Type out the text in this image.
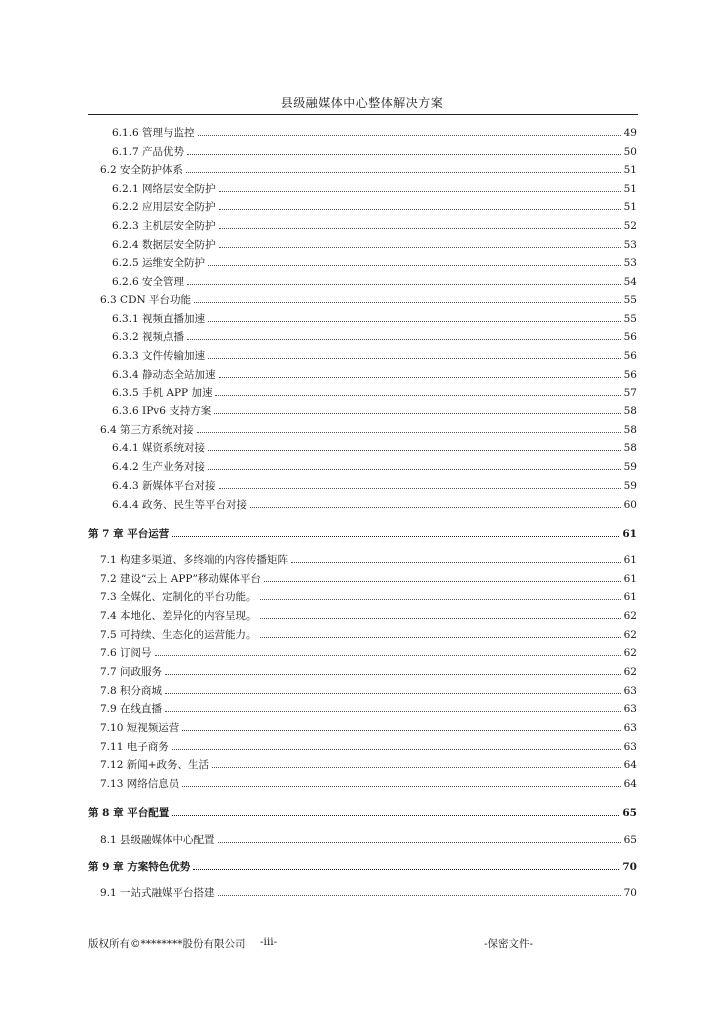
县级融媒体中心整体解决方案
6.1.6 管理与监控	49
6.1.7 产品优势	50
6.2 安全防护体系	51
6.2.1 网络层安全防护	51
6.2.2 应用层安全防护	51
6.2.3 主机层安全防护	52
6.2.4 数据层安全防护	53
6.2.5 运维安全防护	53
6.2.6 安全管理	54
6.3 CDN 平台功能	55
6.3.1 视频直播加速	55
6.3.2 视频点播	56
6.3.3 文件传输加速	56
6.3.4 静动态全站加速	56
6.3.5 手机 APP 加速	57
6.3.6 IPv6 支持方案	58
6.4 第三方系统对接	58
6.4.1 媒资系统对接	58
6.4.2 生产业务对接	59
6.4.3 新媒体平台对接	59
6.4.4 政务、民生等平台对接	60
第 7 章 平台运营	61
7.1 构建多渠道、多终端的内容传播矩阵	61
7.2 建设“云上 APP”移动媒体平台	61
7.3 全媒化、定制化的平台功能。	61
7.4 本地化、差异化的内容呈现。	62
7.5 可持续、生态化的运营能力。	62
7.6 订阅号	62
7.7 问政服务	62
7.8 积分商城	63
7.9 在线直播	63
7.10 短视频运营	63
7.11 电子商务	63
7.12 新闻+政务、生活	64
7.13 网络信息员	64
第 8 章 平台配置	65
8.1 县级融媒体中心配置	65
第 9 章 方案特色优势	70
9.1 一站式融媒平台搭建	70
版权所有©********股份有限公司 -iii-	-保密文件-
